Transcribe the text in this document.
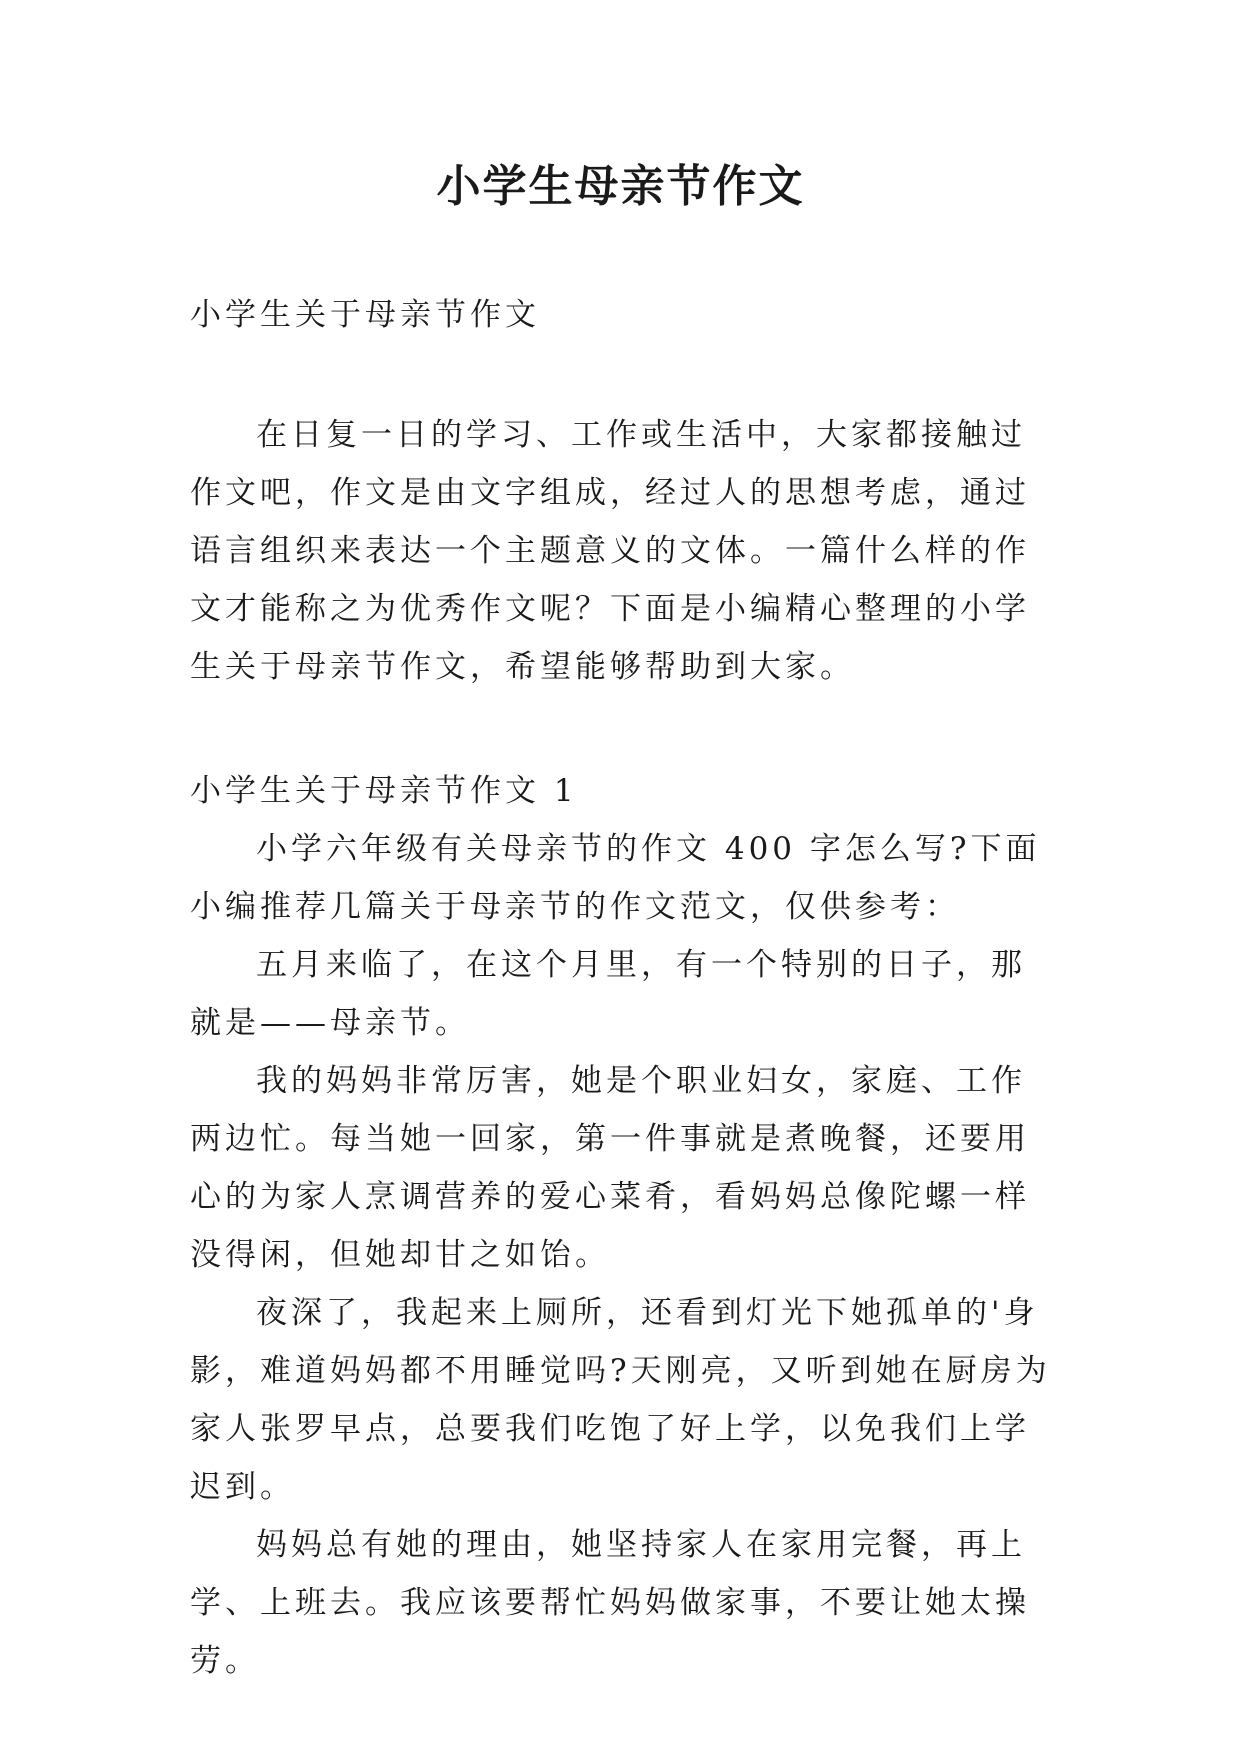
小学生母亲节作文

小学生关于母亲节作文

在日复一日的学习、工作或生活中，大家都接触过作文吧，作文是由文字组成，经过人的思想考虑，通过语言组织来表达一个主题意义的文体。一篇什么样的作文才能称之为优秀作文呢？下面是小编精心整理的小学生关于母亲节作文，希望能够帮助到大家。

小学生关于母亲节作文 1

小学六年级有关母亲节的作文 400 字怎么写?下面小编推荐几篇关于母亲节的作文范文，仅供参考：

五月来临了，在这个月里，有一个特别的日子，那就是——母亲节。

我的妈妈非常厉害，她是个职业妇女，家庭、工作两边忙。每当她一回家，第一件事就是煮晚餐，还要用心的为家人烹调营养的爱心菜肴，看妈妈总像陀螺一样没得闲，但她却甘之如饴。

夜深了，我起来上厕所，还看到灯光下她孤单的'身影，难道妈妈都不用睡觉吗?天刚亮，又听到她在厨房为家人张罗早点，总要我们吃饱了好上学，以免我们上学迟到。

妈妈总有她的理由，她坚持家人在家用完餐，再上学、上班去。我应该要帮忙妈妈做家事，不要让她太操劳。
